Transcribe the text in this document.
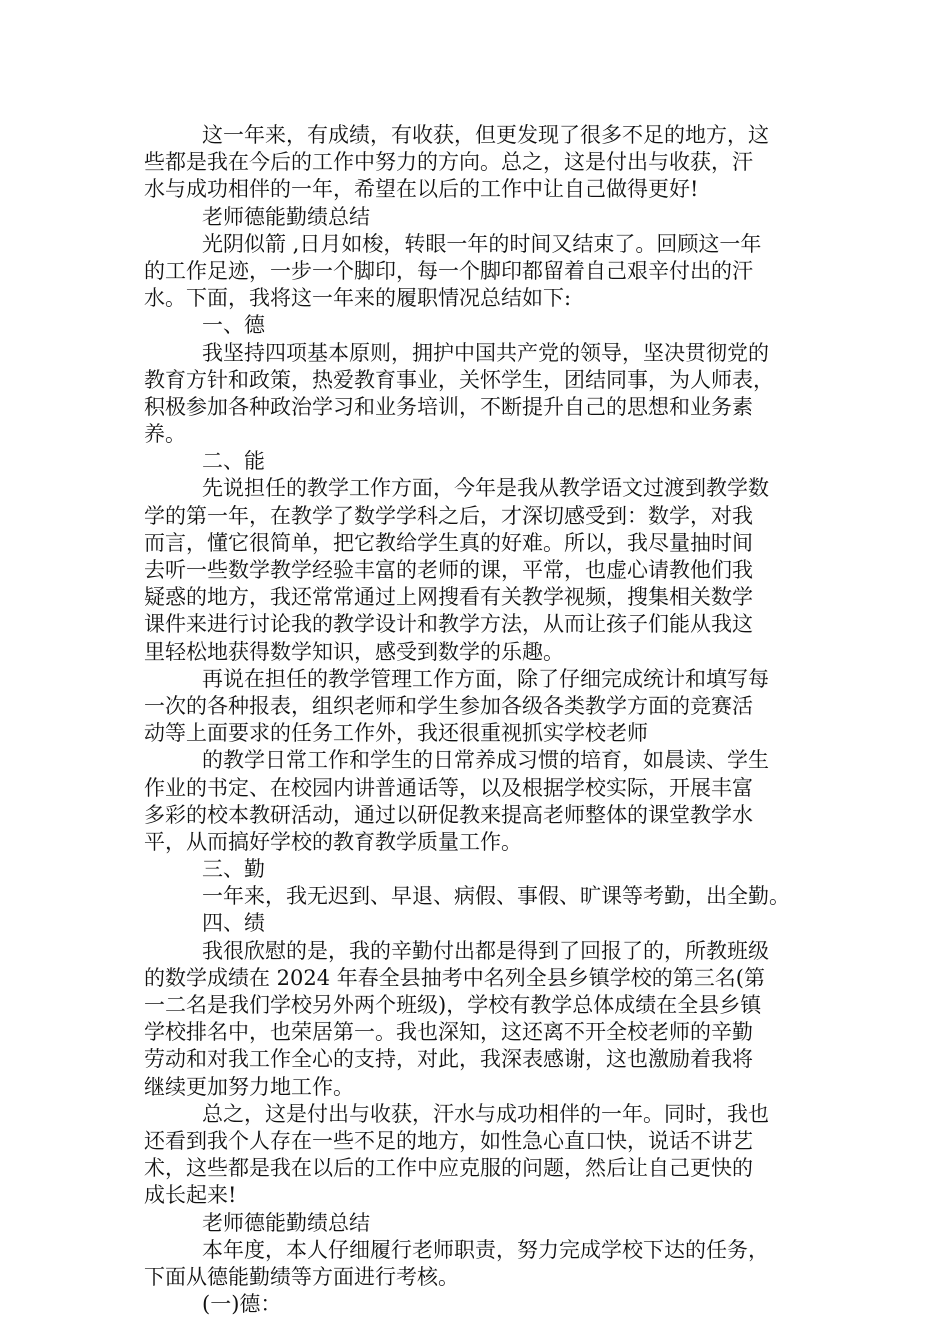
这一年来，有成绩，有收获，但更发现了很多不足的地方，这
些都是我在今后的工作中努力的方向。总之，这是付出与收获，汗
水与成功相伴的一年，希望在以后的工作中让自己做得更好!
老师德能勤绩总结
光阴似箭 ,日月如梭，转眼一年的时间又结束了。回顾这一年
的工作足迹，一步一个脚印，每一个脚印都留着自己艰辛付出的汗
水。下面，我将这一年来的履职情况总结如下:
一、德
我坚持四项基本原则，拥护中国共产党的领导，坚决贯彻党的
教育方针和政策，热爱教育事业，关怀学生，团结同事，为人师表，
积极参加各种政治学习和业务培训，不断提升自己的思想和业务素
养。
二、能
先说担任的教学工作方面，今年是我从教学语文过渡到教学数
学的第一年，在教学了数学学科之后，才深切感受到：数学，对我
而言，懂它很简单，把它教给学生真的好难。所以，我尽量抽时间
去听一些数学教学经验丰富的老师的课，平常，也虚心请教他们我
疑惑的地方，我还常常通过上网搜看有关教学视频，搜集相关数学
课件来进行讨论我的教学设计和教学方法，从而让孩子们能从我这
里轻松地获得数学知识，感受到数学的乐趣。
再说在担任的教学管理工作方面，除了仔细完成统计和填写每
一次的各种报表，组织老师和学生参加各级各类教学方面的竞赛活
动等上面要求的任务工作外，我还很重视抓实学校老师
的教学日常工作和学生的日常养成习惯的培育，如晨读、学生
作业的书定、在校园内讲普通话等，以及根据学校实际，开展丰富
多彩的校本教研活动，通过以研促教来提高老师整体的课堂教学水
平，从而搞好学校的教育教学质量工作。
三、勤
一年来，我无迟到、早退、病假、事假、旷课等考勤，出全勤。
四、绩
我很欣慰的是，我的辛勤付出都是得到了回报了的，所教班级
的数学成绩在 2024 年春全县抽考中名列全县乡镇学校的第三名(第
一二名是我们学校另外两个班级)，学校有教学总体成绩在全县乡镇
学校排名中，也荣居第一。我也深知，这还离不开全校老师的辛勤
劳动和对我工作全心的支持，对此，我深表感谢，这也激励着我将
继续更加努力地工作。
总之，这是付出与收获，汗水与成功相伴的一年。同时，我也
还看到我个人存在一些不足的地方，如性急心直口快，说话不讲艺
术，这些都是我在以后的工作中应克服的问题，然后让自己更快的
成长起来!
老师德能勤绩总结
本年度，本人仔细履行老师职责，努力完成学校下达的任务，
下面从德能勤绩等方面进行考核。
(一)德：
